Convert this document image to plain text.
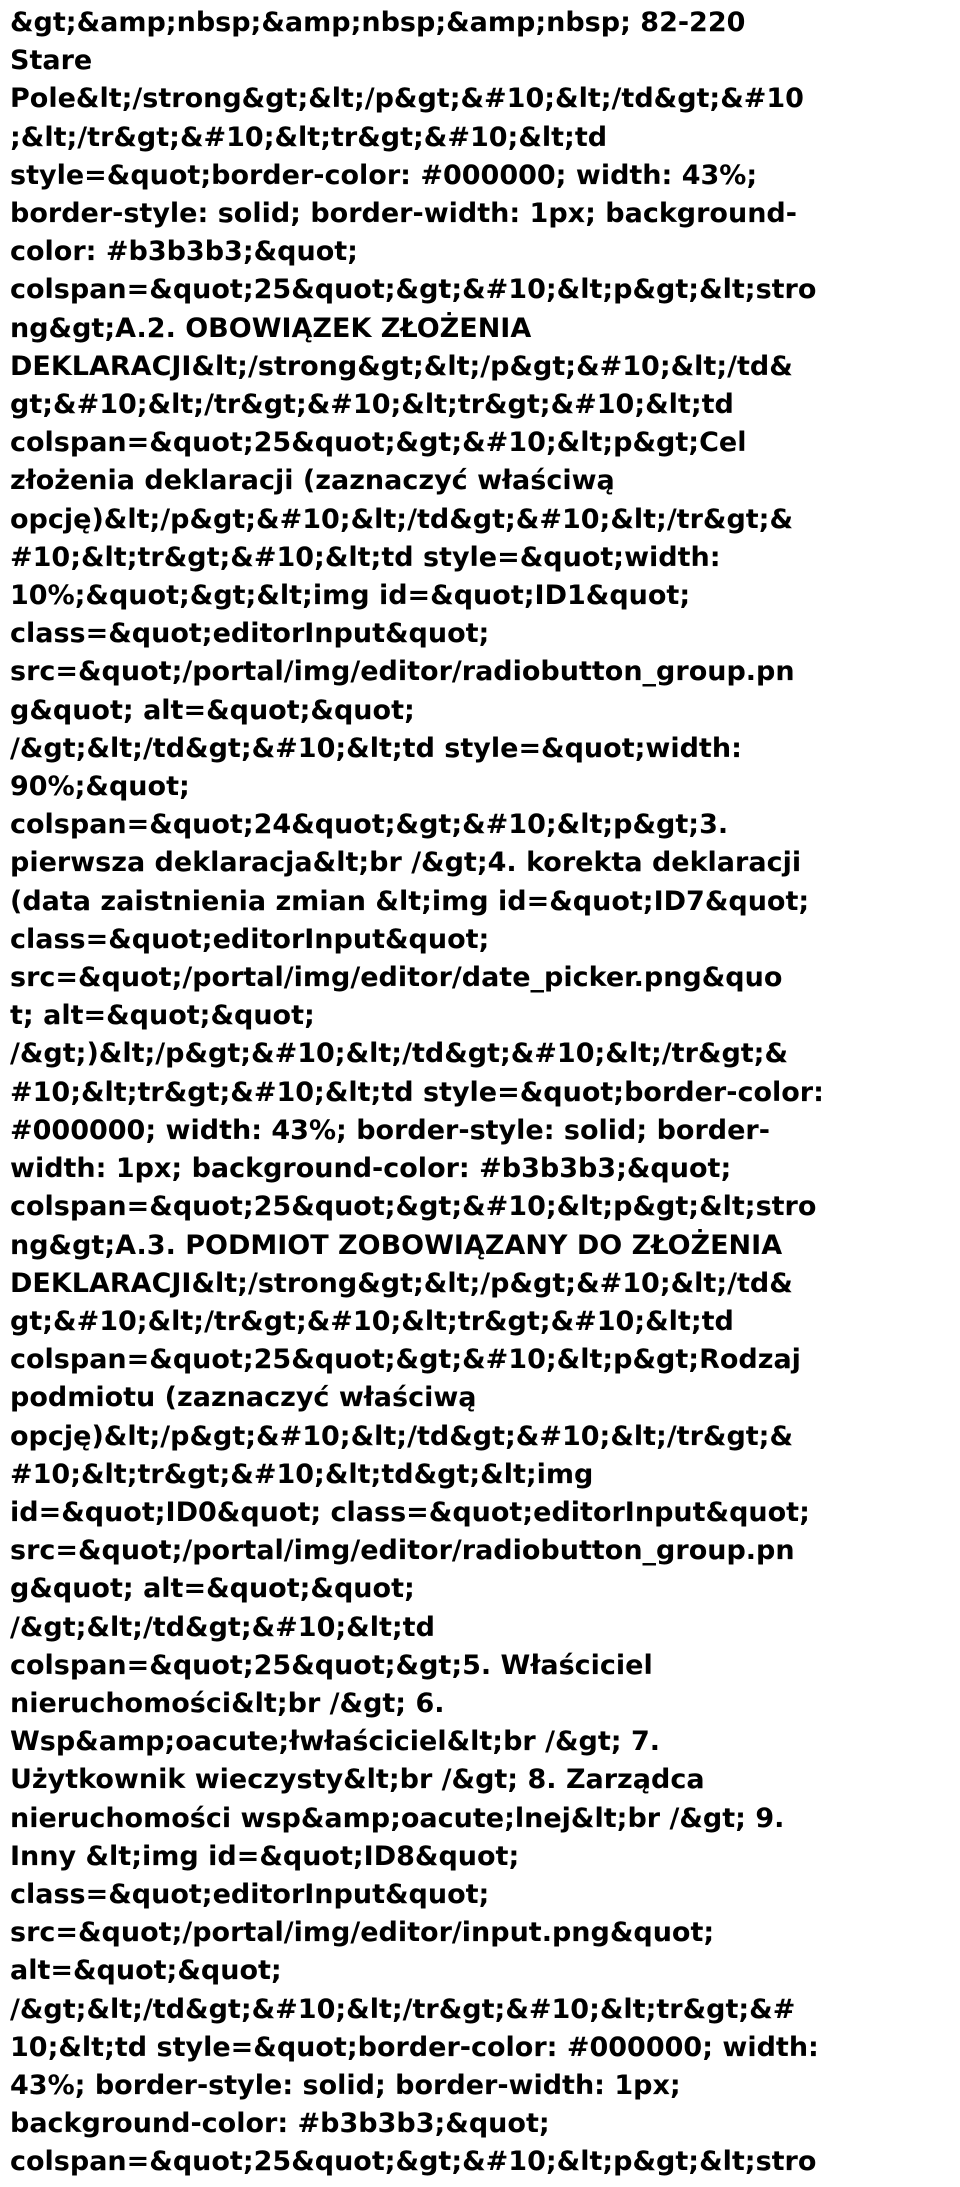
&gt;&amp;nbsp;&amp;nbsp;&amp;nbsp; 82-220
Stare
Pole&lt;/strong&gt;&lt;/p&gt;&#10;&lt;/td&gt;&#10
;&lt;/tr&gt;&#10;&lt;tr&gt;&#10;&lt;td
style=&quot;border-color: #000000; width: 43%;
border-style: solid; border-width: 1px; background-
color: #b3b3b3;&quot;
colspan=&quot;25&quot;&gt;&#10;&lt;p&gt;&lt;stro
ng&gt;A.2. OBOWIĄZEK ZŁOŻENIA
DEKLARACJI&lt;/strong&gt;&lt;/p&gt;&#10;&lt;/td&
gt;&#10;&lt;/tr&gt;&#10;&lt;tr&gt;&#10;&lt;td
colspan=&quot;25&quot;&gt;&#10;&lt;p&gt;Cel
złożenia deklaracji (zaznaczyć właściwą
opcję)&lt;/p&gt;&#10;&lt;/td&gt;&#10;&lt;/tr&gt;&
#10;&lt;tr&gt;&#10;&lt;td style=&quot;width:
10%;&quot;&gt;&lt;img id=&quot;ID1&quot;
class=&quot;editorInput&quot;
src=&quot;/portal/img/editor/radiobutton_group.pn
g&quot; alt=&quot;&quot;
/&gt;&lt;/td&gt;&#10;&lt;td style=&quot;width:
90%;&quot;
colspan=&quot;24&quot;&gt;&#10;&lt;p&gt;3.
pierwsza deklaracja&lt;br /&gt;4. korekta deklaracji
(data zaistnienia zmian &lt;img id=&quot;ID7&quot;
class=&quot;editorInput&quot;
src=&quot;/portal/img/editor/date_picker.png&quo
t; alt=&quot;&quot;
/&gt;)&lt;/p&gt;&#10;&lt;/td&gt;&#10;&lt;/tr&gt;&
#10;&lt;tr&gt;&#10;&lt;td style=&quot;border-color:
#000000; width: 43%; border-style: solid; border-
width: 1px; background-color: #b3b3b3;&quot;
colspan=&quot;25&quot;&gt;&#10;&lt;p&gt;&lt;stro
ng&gt;A.3. PODMIOT ZOBOWIĄZANY DO ZŁOŻENIA
DEKLARACJI&lt;/strong&gt;&lt;/p&gt;&#10;&lt;/td&
gt;&#10;&lt;/tr&gt;&#10;&lt;tr&gt;&#10;&lt;td
colspan=&quot;25&quot;&gt;&#10;&lt;p&gt;Rodzaj
podmiotu (zaznaczyć właściwą
opcję)&lt;/p&gt;&#10;&lt;/td&gt;&#10;&lt;/tr&gt;&
#10;&lt;tr&gt;&#10;&lt;td&gt;&lt;img
id=&quot;ID0&quot; class=&quot;editorInput&quot;
src=&quot;/portal/img/editor/radiobutton_group.pn
g&quot; alt=&quot;&quot;
/&gt;&lt;/td&gt;&#10;&lt;td
colspan=&quot;25&quot;&gt;5. Właściciel
nieruchomości&lt;br /&gt; 6.
Wsp&amp;oacute;łwłaściciel&lt;br /&gt; 7.
Użytkownik wieczysty&lt;br /&gt; 8. Zarządca
nieruchomości wsp&amp;oacute;lnej&lt;br /&gt; 9.
Inny &lt;img id=&quot;ID8&quot;
class=&quot;editorInput&quot;
src=&quot;/portal/img/editor/input.png&quot;
alt=&quot;&quot;
/&gt;&lt;/td&gt;&#10;&lt;/tr&gt;&#10;&lt;tr&gt;&#
10;&lt;td style=&quot;border-color: #000000; width:
43%; border-style: solid; border-width: 1px;
background-color: #b3b3b3;&quot;
colspan=&quot;25&quot;&gt;&#10;&lt;p&gt;&lt;stro
